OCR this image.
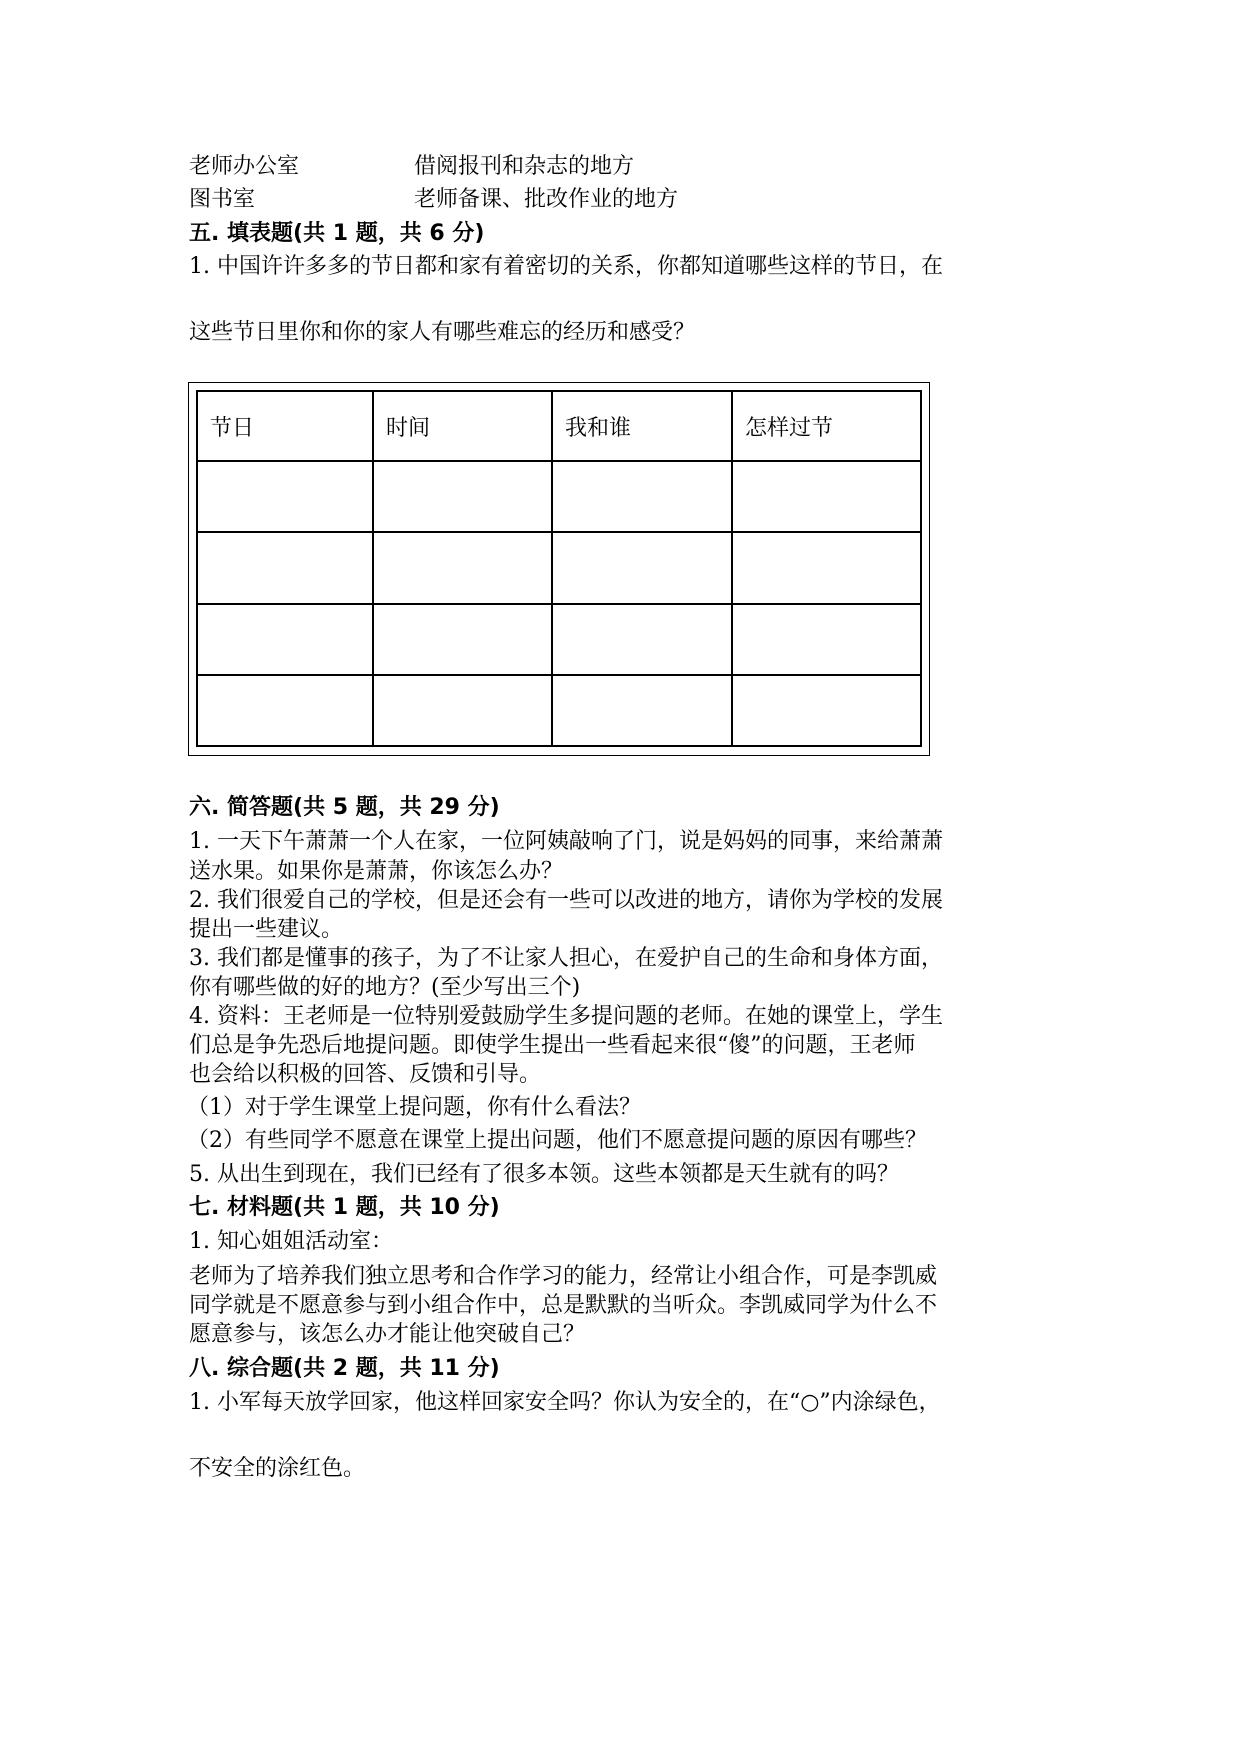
老师办公室	借阅报刊和杂志的地方
图书室	老师备课、批改作业的地方
五. 填表题(共 1 题，共 6 分)
1. 中国许许多多的节日都和家有着密切的关系，你都知道哪些这样的节日，在
这些节日里你和你的家人有哪些难忘的经历和感受？
节日	时间	我和谁	怎样过节

六. 简答题(共 5 题，共 29 分)
1. 一天下午萧萧一个人在家，一位阿姨敲响了门，说是妈妈的同事，来给萧萧
送水果。如果你是萧萧，你该怎么办？
2. 我们很爱自己的学校，但是还会有一些可以改进的地方，请你为学校的发展
提出一些建议。
3. 我们都是懂事的孩子，为了不让家人担心，在爱护自己的生命和身体方面，
你有哪些做的好的地方？(至少写出三个)
4. 资料：王老师是一位特别爱鼓励学生多提问题的老师。在她的课堂上，学生
们总是争先恐后地提问题。即使学生提出一些看起来很“傻”的问题，王老师
也会给以积极的回答、反馈和引导。
（1）对于学生课堂上提问题，你有什么看法？
（2）有些同学不愿意在课堂上提出问题，他们不愿意提问题的原因有哪些？
5. 从出生到现在，我们已经有了很多本领。这些本领都是天生就有的吗？
七. 材料题(共 1 题，共 10 分)
1. 知心姐姐活动室：
老师为了培养我们独立思考和合作学习的能力，经常让小组合作，可是李凯威
同学就是不愿意参与到小组合作中，总是默默的当听众。李凯威同学为什么不
愿意参与，该怎么办才能让他突破自己？
八. 综合题(共 2 题，共 11 分)
1. 小军每天放学回家，他这样回家安全吗？你认为安全的，在“○”内涂绿色，
不安全的涂红色。
